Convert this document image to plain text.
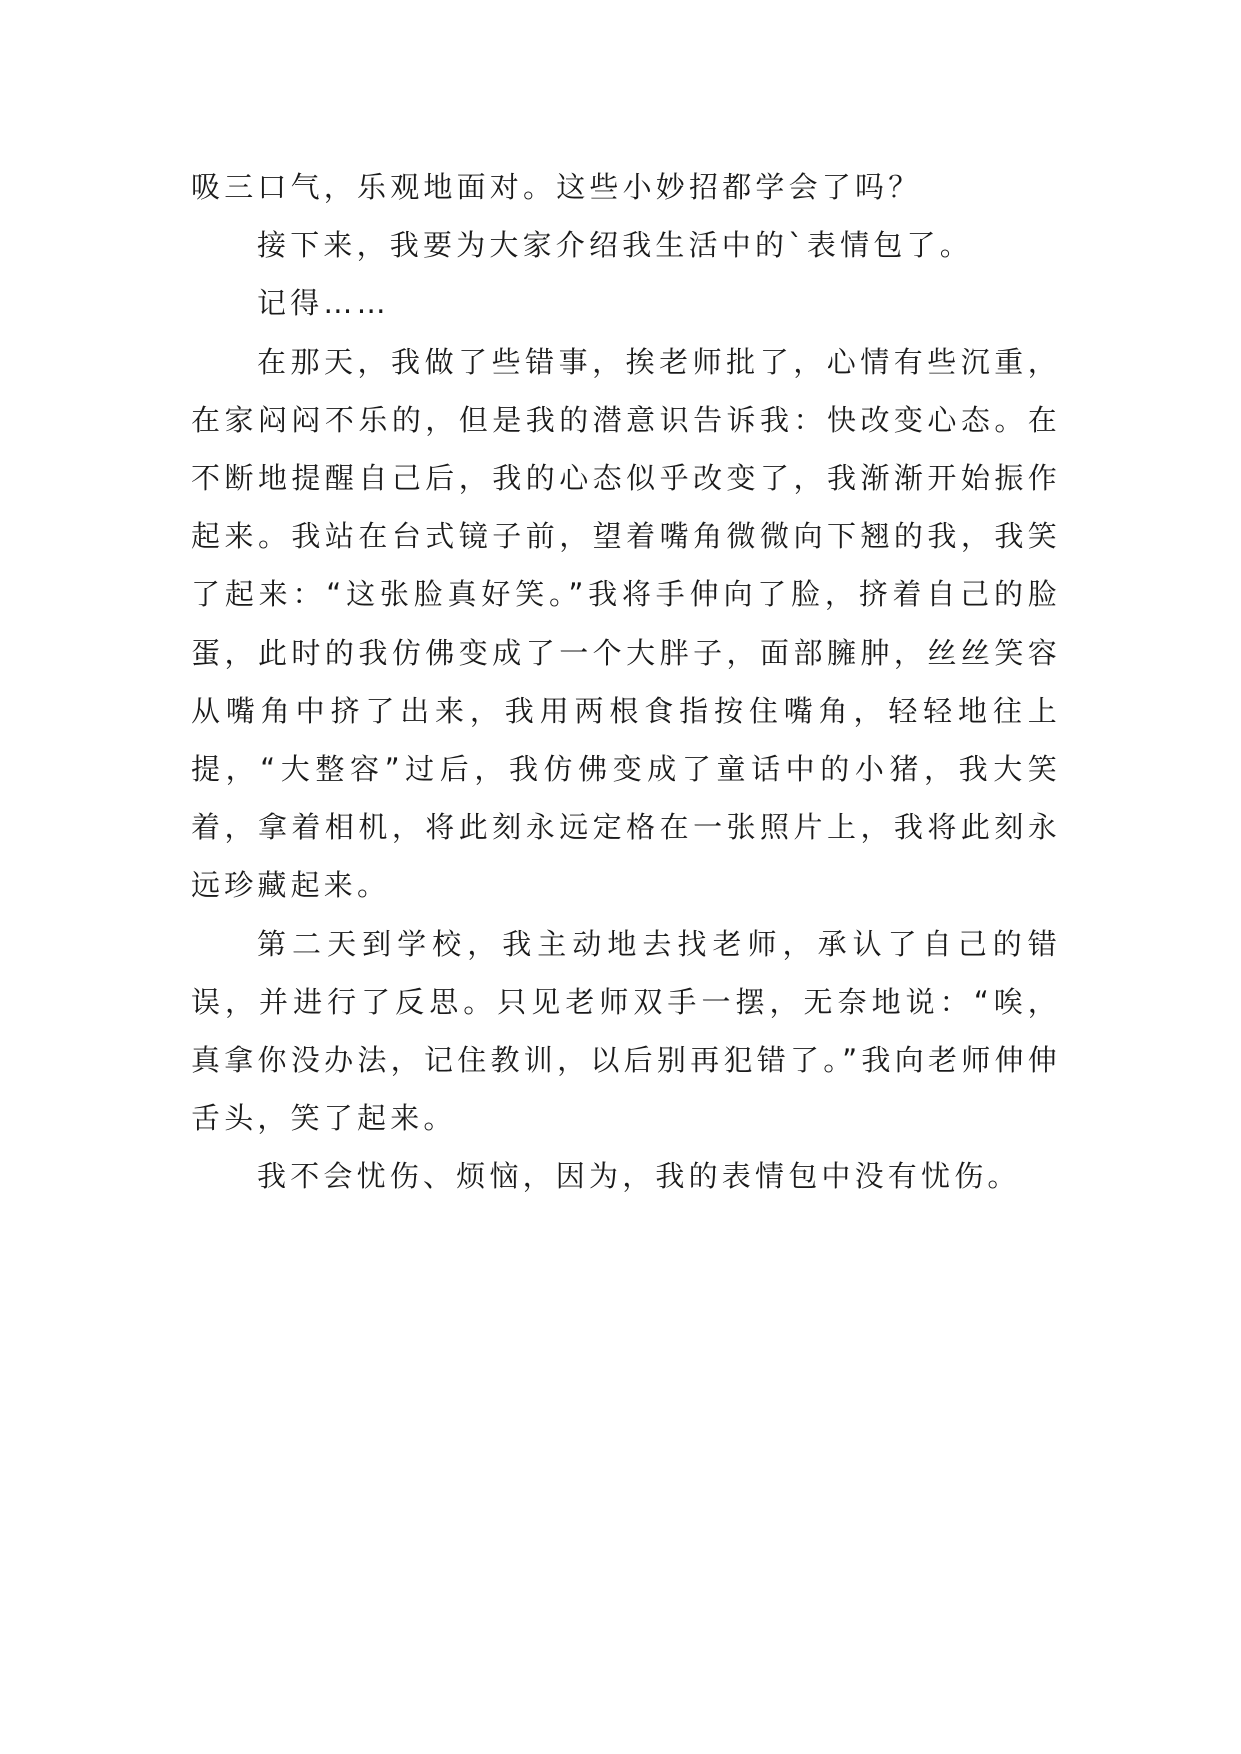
吸三口气，乐观地面对。这些小妙招都学会了吗？

接下来，我要为大家介绍我生活中的`表情包了。

记得……

在那天，我做了些错事，挨老师批了，心情有些沉重，在家闷闷不乐的，但是我的潜意识告诉我：快改变心态。在不断地提醒自己后，我的心态似乎改变了，我渐渐开始振作起来。我站在台式镜子前，望着嘴角微微向下翘的我，我笑了起来：“这张脸真好笑。”我将手伸向了脸，挤着自己的脸蛋，此时的我仿佛变成了一个大胖子，面部臃肿，丝丝笑容从嘴角中挤了出来，我用两根食指按住嘴角，轻轻地往上提，“大整容”过后，我仿佛变成了童话中的小猪，我大笑着，拿着相机，将此刻永远定格在一张照片上，我将此刻永远珍藏起来。

第二天到学校，我主动地去找老师，承认了自己的错误，并进行了反思。只见老师双手一摆，无奈地说：“唉，真拿你没办法，记住教训，以后别再犯错了。”我向老师伸伸舌头，笑了起来。

我不会忧伤、烦恼，因为，我的表情包中没有忧伤。
